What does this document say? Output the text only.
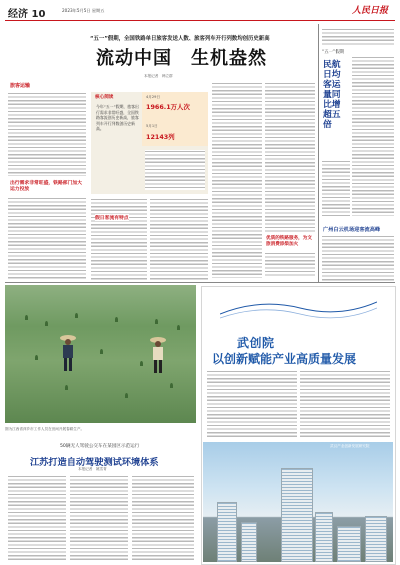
经济 10	2023年5月5日 星期五	人民日报
“五一”假期，全国铁路单日旅客发送人数、旅客列车开行列数均创历史新高
流动中国　生机盎然
本报记者　韩立群
旅客运输
出行需求非常旺盛，铁路部门加大运力投放
核心阅读
今年“五一”假期，旅客出行需求非常旺盛，全国铁路客流创历史新高，旅客列车开行列数创历史新高。
4月29日
1966.1万人次
5月1日
12143列
假日客流有特点
优质的铁路服务，为文旅消费添柴加火
“五一”假期
民航日均客运量同比增超五倍
广州白云机场迎客流高峰
图为江西省萍乡市工作人员在田间开展春耕生产。
武创院
以创新赋能产业高质量发展
武汉产业创新发展研究院
50辆无人驾驶公交车在某园区示范运行
江苏打造自动驾驶测试环境体系
本报记者　姚雪青
